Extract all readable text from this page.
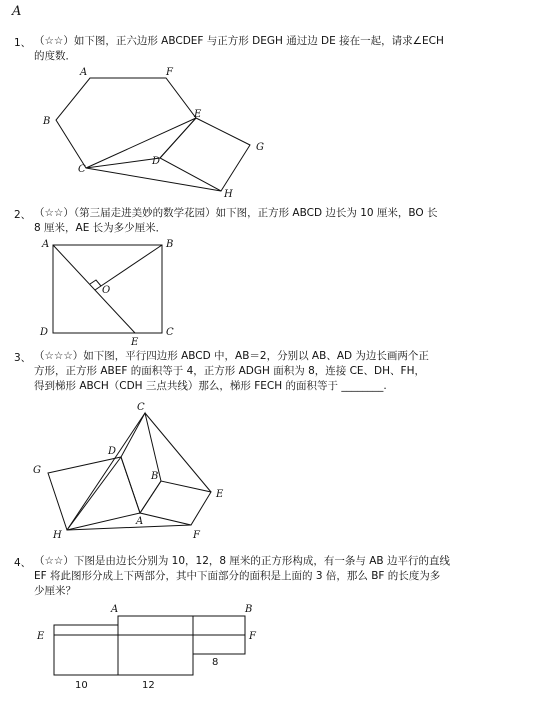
A
1、 （☆☆）如下图，正六边形 ABCDEF 与正方形 DEGH 通过边 DE 接在一起，请求∠ECH
的度数．
A	F
B
E
C
D
G
H
2、 （☆☆）（第三届走进美妙的数学花园）如下图，正方形 ABCD 边长为 10 厘米，BO 长
8 厘米，AE 长为多少厘米．
A	B
O
D
E
C
3、 （☆☆☆）如下图，平行四边形 ABCD 中，AB＝2，分别以 AB、AD 为边长画两个正
方形，正方形 ABEF 的面积等于 4，正方形 ADGH 面积为 8，连接 CE、DH、FH，
得到梯形 ABCH（CDH 三点共线）那么，梯形 FECH 的面积等于 ________.
C
D
G
B
E
A
H	F
4、 （☆☆）下图是由边长分别为 10，12，8 厘米的正方形构成，有一条与 AB 边平行的直线
EF 将此图形分成上下两部分，其中下面部分的面积是上面的 3 倍，那么 BF 的长度为多
少厘米？
A	B
E	F
8
10	12
